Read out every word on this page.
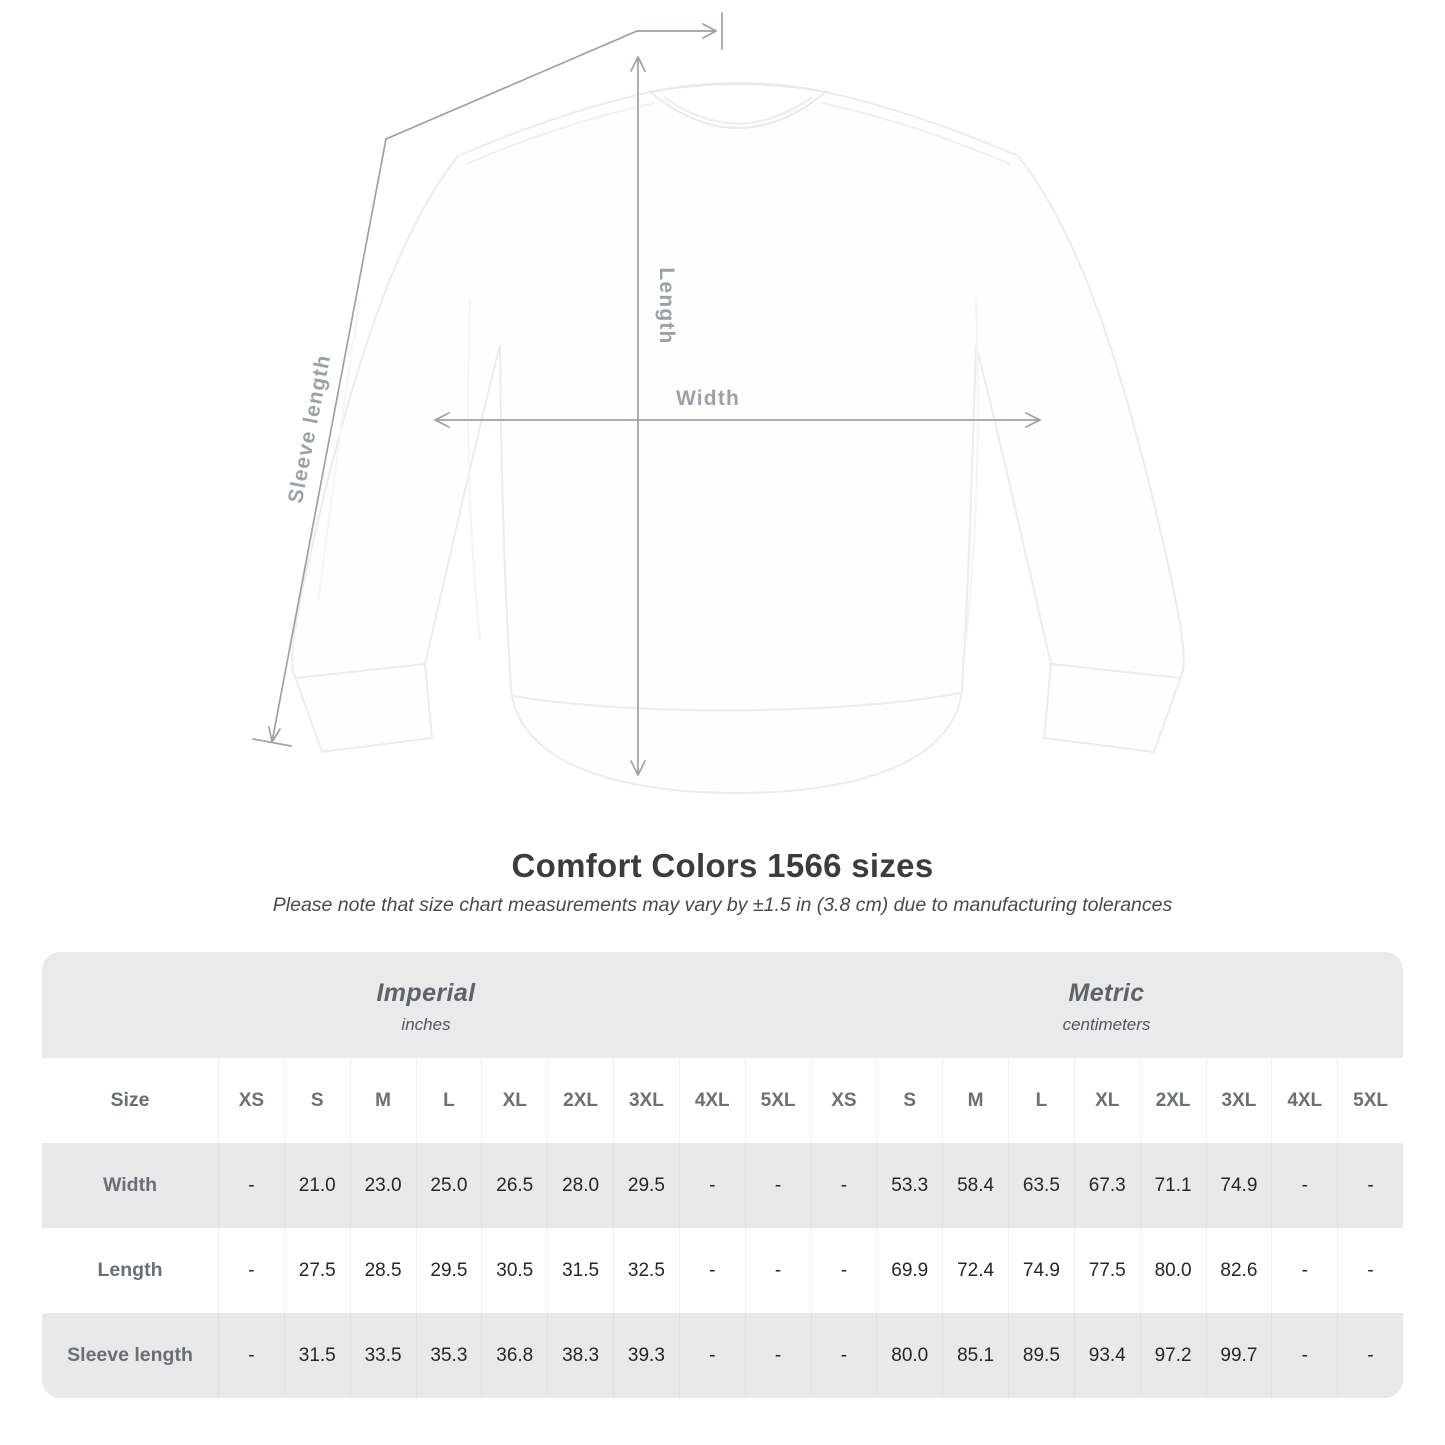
Length
Width
Sleeve length
Comfort Colors 1566 sizes

Please note that size chart measurements may vary by ±1.5 in (3.8 cm) due to manufacturing tolerances

Imperial
inches
Metric
centimeters
Size	XS	S	M	L	XL	2XL	3XL	4XL	5XL	XS	S	M	L	XL	2XL	3XL	4XL	5XL
Width	-	21.0	23.0	25.0	26.5	28.0	29.5	-	-	-	53.3	58.4	63.5	67.3	71.1	74.9	-	-
Length	-	27.5	28.5	29.5	30.5	31.5	32.5	-	-	-	69.9	72.4	74.9	77.5	80.0	82.6	-	-
Sleeve length	-	31.5	33.5	35.3	36.8	38.3	39.3	-	-	-	80.0	85.1	89.5	93.4	97.2	99.7	-	-
